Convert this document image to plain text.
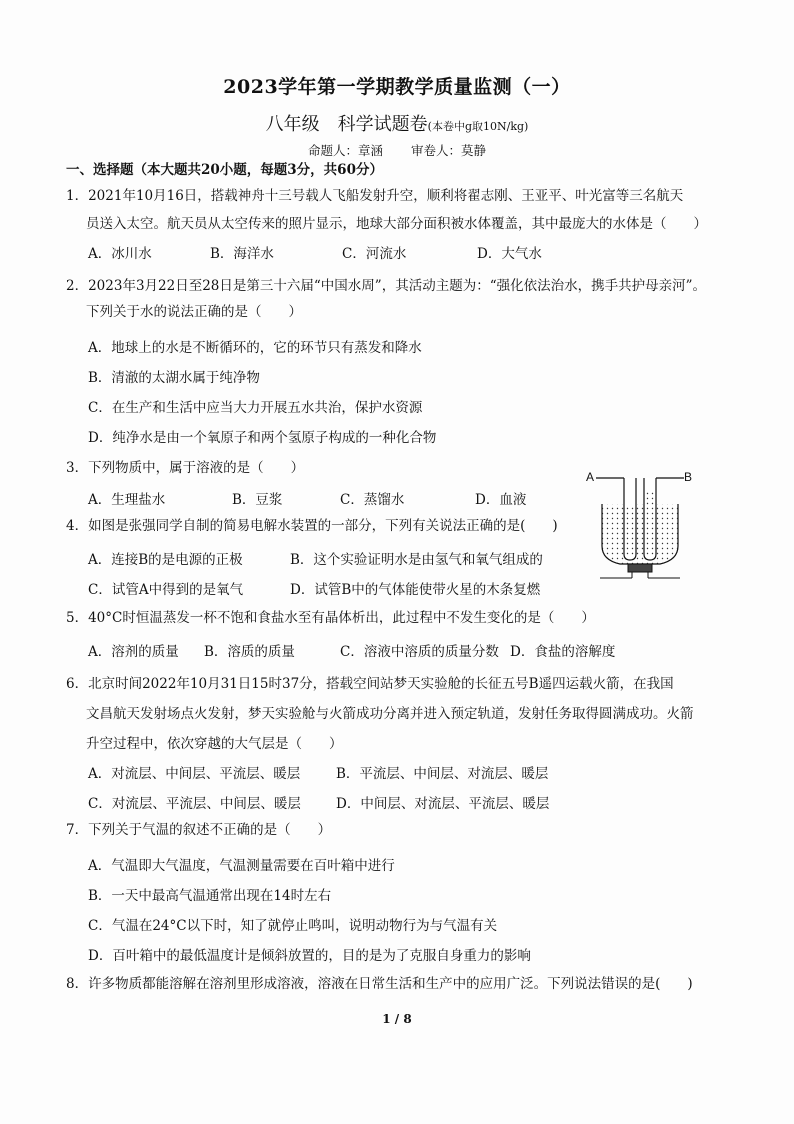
2023学年第一学期教学质量监测（一）
八年级　科学试题卷(本卷中g取10N/kg)
命题人：章涵 审卷人：莫静
一、选择题（本大题共20小题，每题3分，共60分）
1．2021年10月16日，搭载神舟十三号载人飞船发射升空，顺利将翟志刚、王亚平、叶光富等三名航天
员送入太空。航天员从太空传来的照片显示，地球大部分面积被水体覆盖，其中最庞大的水体是（　　）
A．冰川水	B．海洋水	C．河流水	D．大气水
2．2023年3月22日至28日是第三十六届“中国水周”，其活动主题为：“强化依法治水，携手共护母亲河”。
下列关于水的说法正确的是（　　）
A．地球上的水是不断循环的，它的环节只有蒸发和降水
B．清澈的太湖水属于纯净物
C．在生产和生活中应当大力开展五水共治，保护水资源
D．纯净水是由一个氧原子和两个氢原子构成的一种化合物
3．下列物质中，属于溶液的是（　　）
A．生理盐水	B．豆浆	C．蒸馏水	D．血液
4．如图是张强同学自制的简易电解水装置的一部分，下列有关说法正确的是(　　)
A．连接B的是电源的正极	B．这个实验证明水是由氢气和氧气组成的
C．试管A中得到的是氧气	D．试管B中的气体能使带火星的木条复燃
A	B
5．40°C时恒温蒸发一杯不饱和食盐水至有晶体析出，此过程中不发生变化的是（　　）
A．溶剂的质量 B．溶质的质量	C．溶液中溶质的质量分数 D．食盐的溶解度
6．北京时间2022年10月31日15时37分，搭载空间站梦天实验舱的长征五号B遥四运载火箭，在我国
文昌航天发射场点火发射，梦天实验舱与火箭成功分离并进入预定轨道，发射任务取得圆满成功。火箭
升空过程中，依次穿越的大气层是（　　）
A．对流层、中间层、平流层、暖层	B．平流层、中间层、对流层、暖层
C．对流层、平流层、中间层、暖层	D．中间层、对流层、平流层、暖层
7．下列关于气温的叙述不正确的是（　　）
A．气温即大气温度，气温测量需要在百叶箱中进行
B．一天中最高气温通常出现在14时左右
C．气温在24°C以下时，知了就停止鸣叫，说明动物行为与气温有关
D．百叶箱中的最低温度计是倾斜放置的，目的是为了克服自身重力的影响
8．许多物质都能溶解在溶剂里形成溶液，溶液在日常生活和生产中的应用广泛。下列说法错误的是(　　)
1 / 8
